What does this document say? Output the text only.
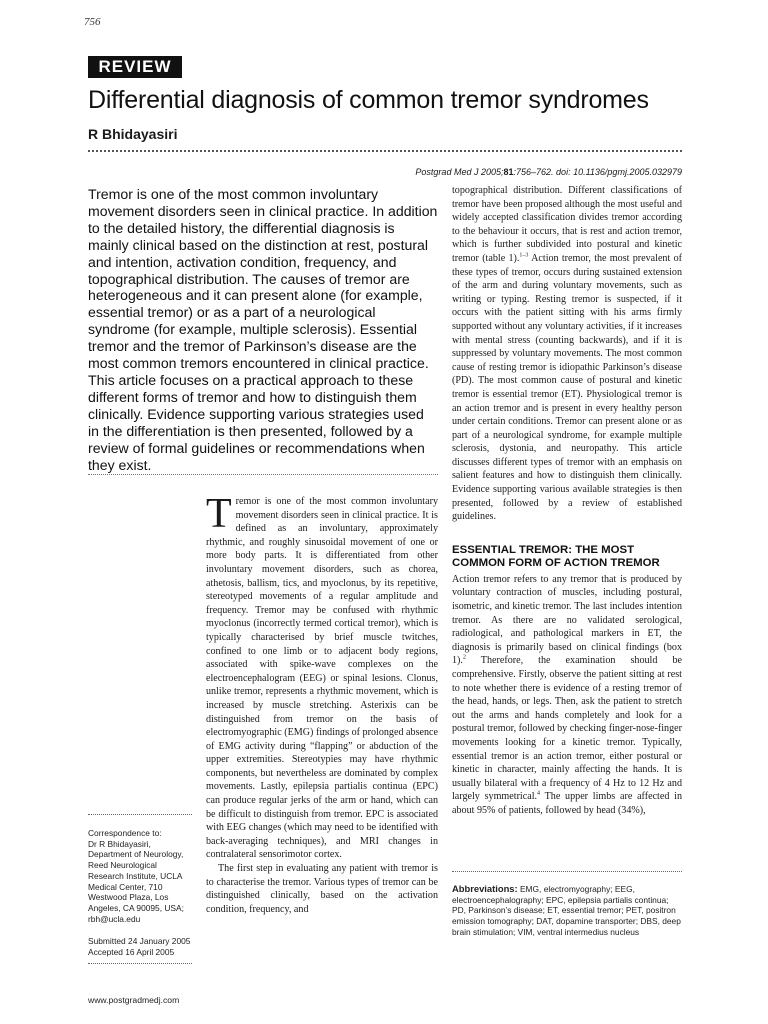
756
REVIEW
Differential diagnosis of common tremor syndromes
R Bhidayasiri
Postgrad Med J 2005;81:756–762. doi: 10.1136/pgmj.2005.032979
Tremor is one of the most common involuntary movement disorders seen in clinical practice. In addition to the detailed history, the differential diagnosis is mainly clinical based on the distinction at rest, postural and intention, activation condition, frequency, and topographical distribution. The causes of tremor are heterogeneous and it can present alone (for example, essential tremor) or as a part of a neurological syndrome (for example, multiple sclerosis). Essential tremor and the tremor of Parkinson’s disease are the most common tremors encountered in clinical practice. This article focuses on a practical approach to these different forms of tremor and how to distinguish them clinically. Evidence supporting various strategies used in the differentiation is then presented, followed by a review of formal guidelines or recommendations when they exist.

Tremor is one of the most common involuntary movement disorders seen in clinical practice. It is defined as an involuntary, approximately rhythmic, and roughly sinusoidal movement of one or more body parts. It is differentiated from other involuntary movement disorders, such as chorea, athetosis, ballism, tics, and myoclonus, by its repetitive, stereotyped movements of a regular amplitude and frequency. Tremor may be confused with rhythmic myoclonus (incorrectly termed cortical tremor), which is typically characterised by brief muscle twitches, confined to one limb or to adjacent body regions, associated with spike-wave complexes on the electroencephalogram (EEG) or spinal lesions. Clonus, unlike tremor, represents a rhythmic movement, which is increased by muscle stretching. Asterixis can be distinguished from tremor on the basis of electromyographic (EMG) findings of prolonged absence of EMG activity during “flapping” or abduction of the upper extremities. Stereotypies may have rhythmic components, but nevertheless are dominated by complex movements. Lastly, epilepsia partialis continua (EPC) can produce regular jerks of the arm or hand, which can be difficult to distinguish from tremor. EPC is associated with EEG changes (which may need to be identified with back-averaging techniques), and MRI changes in contralateral sensorimotor cortex.

The first step in evaluating any patient with tremor is to characterise the tremor. Various types of tremor can be distinguished clinically, based on the activation condition, frequency, and

topographical distribution. Different classifications of tremor have been proposed although the most useful and widely accepted classification divides tremor according to the behaviour it occurs, that is rest and action tremor, which is further subdivided into postural and kinetic tremor (table 1).$^{1-3}$ Action tremor, the most prevalent of these types of tremor, occurs during sustained extension of the arm and during voluntary movements, such as writing or typing. Resting tremor is suspected, if it occurs with the patient sitting with his arms firmly supported without any voluntary activities, if it increases with mental stress (counting backwards), and if it is suppressed by voluntary movements. The most common cause of resting tremor is idiopathic Parkinson’s disease (PD). The most common cause of postural and kinetic tremor is essential tremor (ET). Physiological tremor is an action tremor and is present in every healthy person under certain conditions. Tremor can present alone or as part of a neurological syndrome, for example multiple sclerosis, dystonia, and neuropathy. This article discusses different types of tremor with an emphasis on salient features and how to distinguish them clinically. Evidence supporting various available strategies is then presented, followed by a review of established guidelines.

ESSENTIAL TREMOR: THE MOST COMMON FORM OF ACTION TREMOR

Action tremor refers to any tremor that is produced by voluntary contraction of muscles, including postural, isometric, and kinetic tremor. The last includes intention tremor. As there are no validated serological, radiological, and pathological markers in ET, the diagnosis is primarily based on clinical findings (box 1).$^2$ Therefore, the examination should be comprehensive. Firstly, observe the patient sitting at rest to note whether there is evidence of a resting tremor of the head, hands, or legs. Then, ask the patient to stretch out the arms and hands completely and look for a postural tremor, followed by checking finger-nose-finger movements looking for a kinetic tremor. Typically, essential tremor is an action tremor, either postural or kinetic in character, mainly affecting the hands. It is usually bilateral with a frequency of 4 Hz to 12 Hz and largely symmetrical.$^4$ The upper limbs are affected in about 95% of patients, followed by head (34%),

Correspondence to:

Dr R Bhidayasiri,

Department of Neurology,

Reed Neurological

Research Institute, UCLA

Medical Center, 710

Westwood Plaza, Los

Angeles, CA 90095, USA;

rbh@ucla.edu

Submitted 24 January 2005

Accepted 16 April 2005

Abbreviations: EMG, electromyography; EEG, electroencephalography; EPC, epilepsia partialis continua; PD, Parkinson’s disease; ET, essential tremor; PET, positron emission tomography; DAT, dopamine transporter; DBS, deep brain stimulation; VIM, ventral intermedius nucleus
www.postgradmedj.com
